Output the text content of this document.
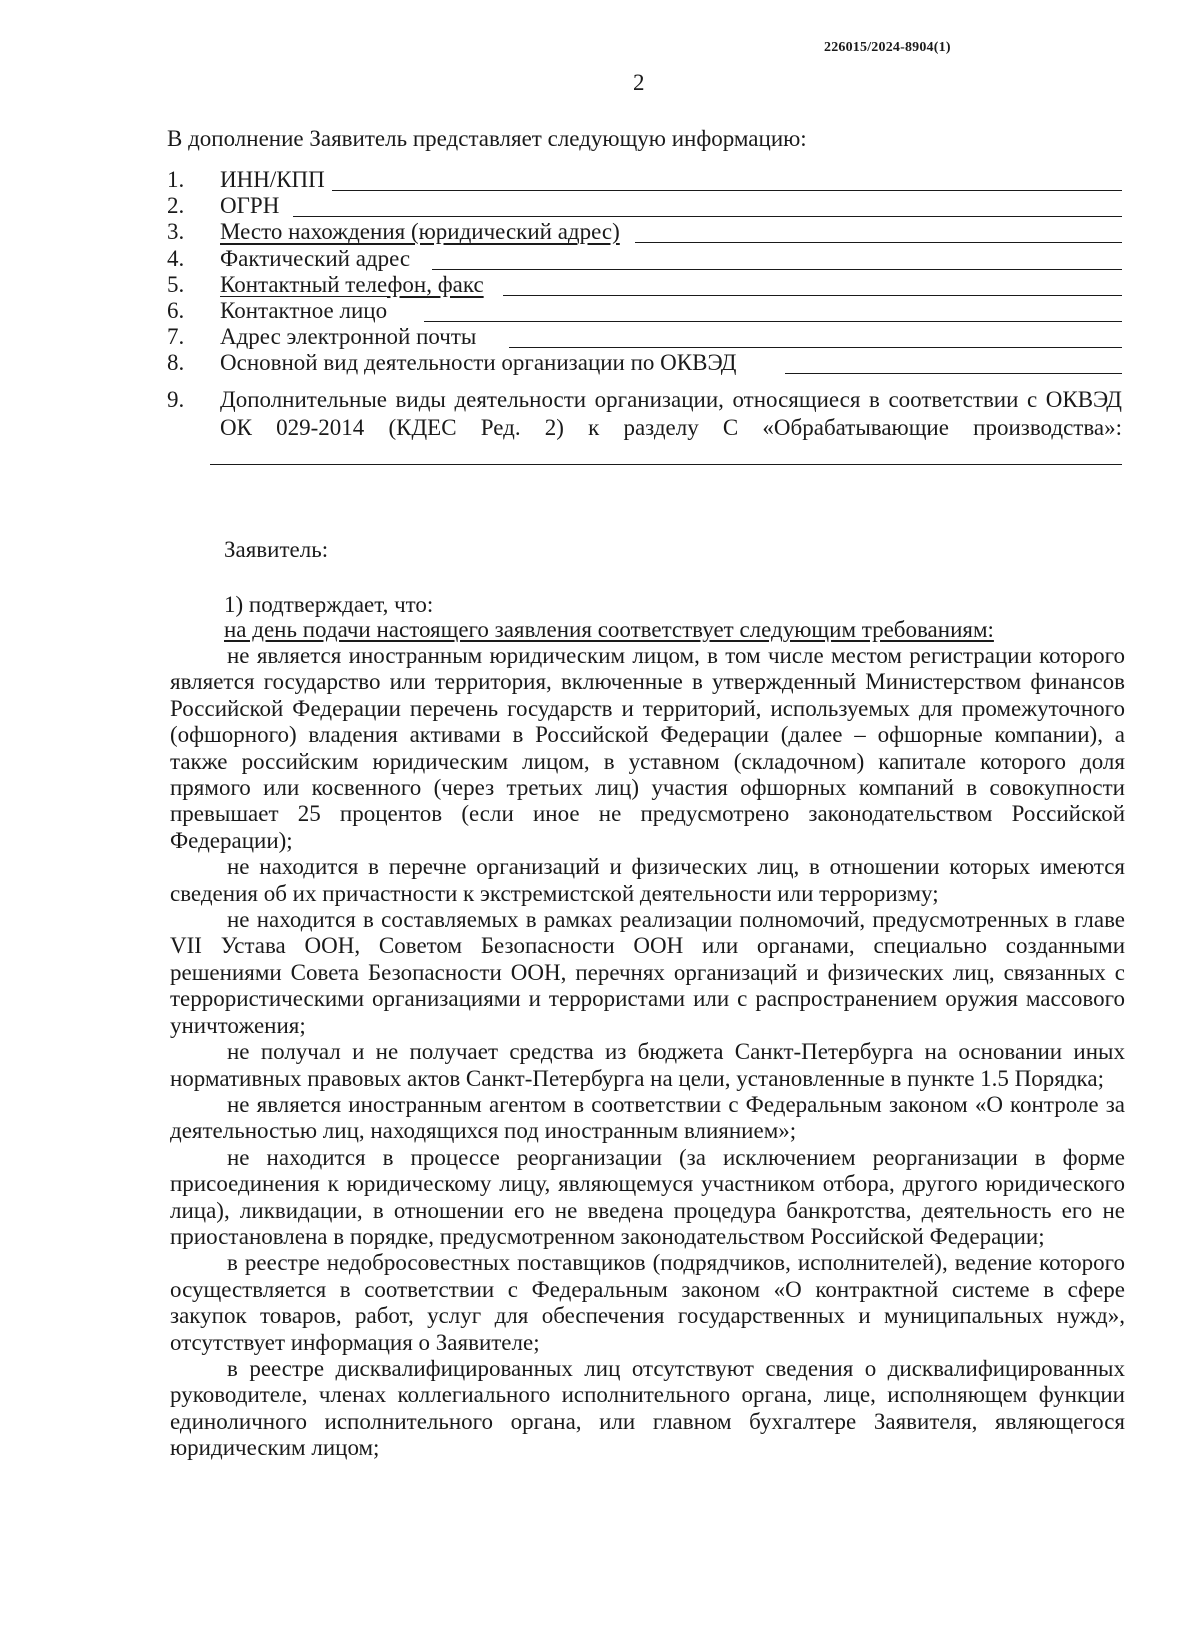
226015/2024-8904(1)
2
В дополнение Заявитель представляет следующую информацию:
1. ИНН/КПП
2. ОГРН
3. Место нахождения (юридический адрес)
4. Фактический адрес
5. Контактный телефон, факс
6. Контактное лицо
7. Адрес электронной почты
8. Основной вид деятельности организации по ОКВЭД
9. Дополнительные виды деятельности организации, относящиеся в соответствии с ОКВЭД ОК 029-2014 (КДЕС Ред. 2) к разделу С «Обрабатывающие производства»:
Заявитель:
1) подтверждает, что:
на день подачи настоящего заявления соответствует следующим требованиям:

не является иностранным юридическим лицом, в том числе местом регистрации которого является государство или территория, включенные в утвержденный Министерством финансов Российской Федерации перечень государств и территорий, используемых для промежуточного (офшорного) владения активами в Российской Федерации (далее – офшорные компании), а также российским юридическим лицом, в уставном (складочном) капитале которого доля прямого или косвенного (через третьих лиц) участия офшорных компаний в совокупности превышает 25 процентов (если иное не предусмотрено законодательством Российской Федерации);

не находится в перечне организаций и физических лиц, в отношении которых имеются сведения об их причастности к экстремистской деятельности или терроризму;

не находится в составляемых в рамках реализации полномочий, предусмотренных в главе VII Устава ООН, Советом Безопасности ООН или органами, специально созданными решениями Совета Безопасности ООН, перечнях организаций и физических лиц, связанных с террористическими организациями и террористами или с распространением оружия массового уничтожения;

не получал и не получает средства из бюджета Санкт-Петербурга на основании иных нормативных правовых актов Санкт-Петербурга на цели, установленные в пункте 1.5 Порядка;

не является иностранным агентом в соответствии с Федеральным законом «О контроле за деятельностью лиц, находящихся под иностранным влиянием»;

не находится в процессе реорганизации (за исключением реорганизации в форме присоединения к юридическому лицу, являющемуся участником отбора, другого юридического лица), ликвидации, в отношении его не введена процедура банкротства, деятельность его не приостановлена в порядке, предусмотренном законодательством Российской Федерации;

в реестре недобросовестных поставщиков (подрядчиков, исполнителей), ведение которого осуществляется в соответствии с Федеральным законом «О контрактной системе в сфере закупок товаров, работ, услуг для обеспечения государственных и муниципальных нужд», отсутствует информация о Заявителе;

в реестре дисквалифицированных лиц отсутствуют сведения о дисквалифицированных руководителе, членах коллегиального исполнительного органа, лице, исполняющем функции единоличного исполнительного органа, или главном бухгалтере Заявителя, являющегося юридическим лицом;
